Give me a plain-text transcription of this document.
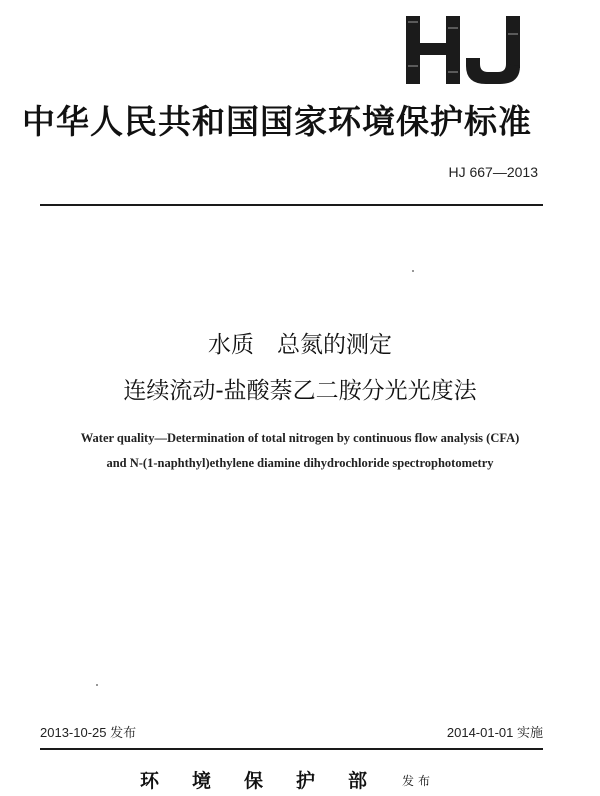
中华人民共和国国家环境保护标准
HJ 667—2013
水质　总氮的测定
连续流动-盐酸萘乙二胺分光光度法
Water quality—Determination of total nitrogen by continuous flow analysis (CFA) and N-(1-naphthyl)ethylene diamine dihydrochloride spectrophotometry
2013-10-25 发布	2014-01-01 实施
环境保护部 发布
